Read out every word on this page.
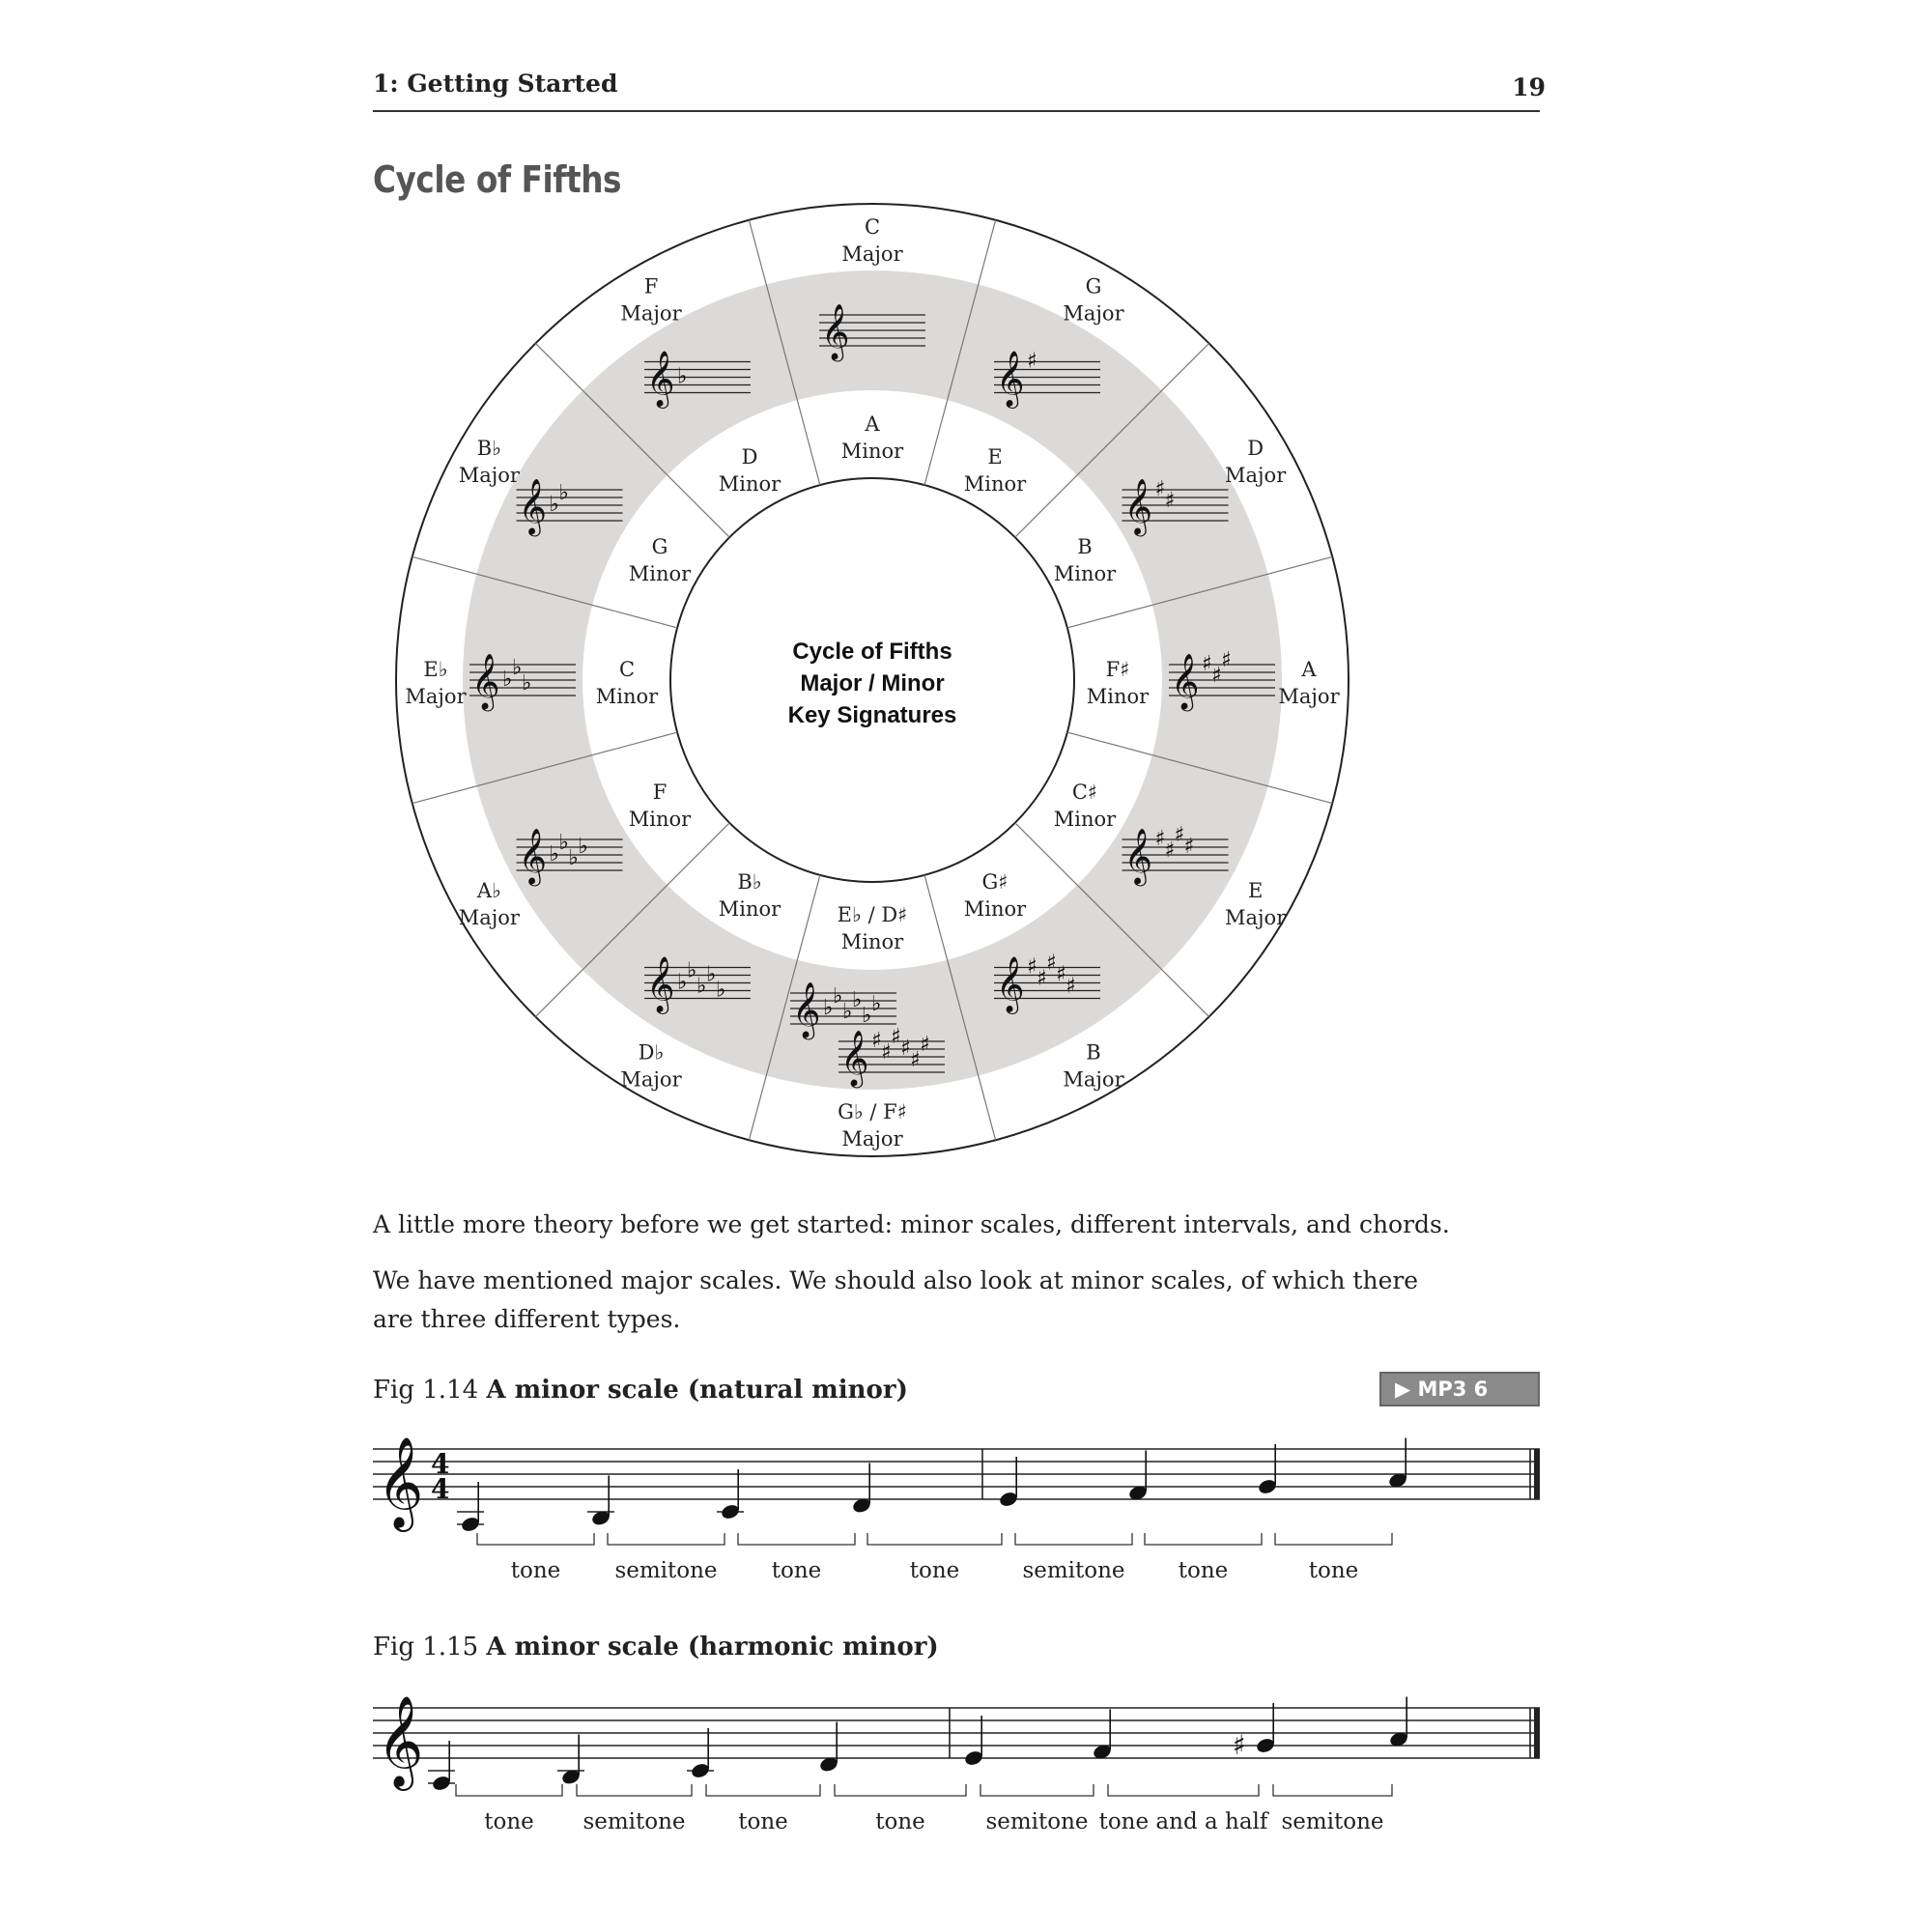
1: Getting Started	19
Cycle of Fifths
𝄞
𝄞 ♯
𝄞 ♯ ♯
𝄞 ♯ ♯
♯
𝄞 ♯ ♯
♯ ♯
𝄞 ♯ ♯
♯ ♯ ♯
𝄞 ♭ ♭
♭ ♭
♭ ♭
𝄞 ♯ ♯
♯ ♯ ♯
♯
𝄞 ♭ ♭
♭ ♭
♭
𝄞 ♭ ♭
♭ ♭
𝄞 ♭ ♭
♭
𝄞 ♭ ♭
𝄞 ♭
C
Major
A
Minor
G
Major
E
Minor
D
Major
B
Minor
A
Major
F♯
Minor
E
Major
C♯
Minor
B
Major
G♯
Minor
G♭ / F♯
Major
E♭ / D♯
Minor
D♭
Major
B♭
Minor
A♭
Major
F
Minor
E♭
Major
C
Minor
B♭
Major
G
Minor
F
Major
D
Minor
Cycle of Fifths
Major / Minor
Key Signatures
A little more theory before we get started: minor scales, different intervals, and chords.
We have mentioned major scales. We should also look at minor scales, of which there are three different types.
Fig 1.14 A minor scale (natural minor)	▶ MP3 6
𝄞 4
4
tone semitone tone	tone	semitone tone	tone
Fig 1.15 A minor scale (harmonic minor)
𝄞	♯
tone semitone tone	tone	semitone tone and a half semitone
